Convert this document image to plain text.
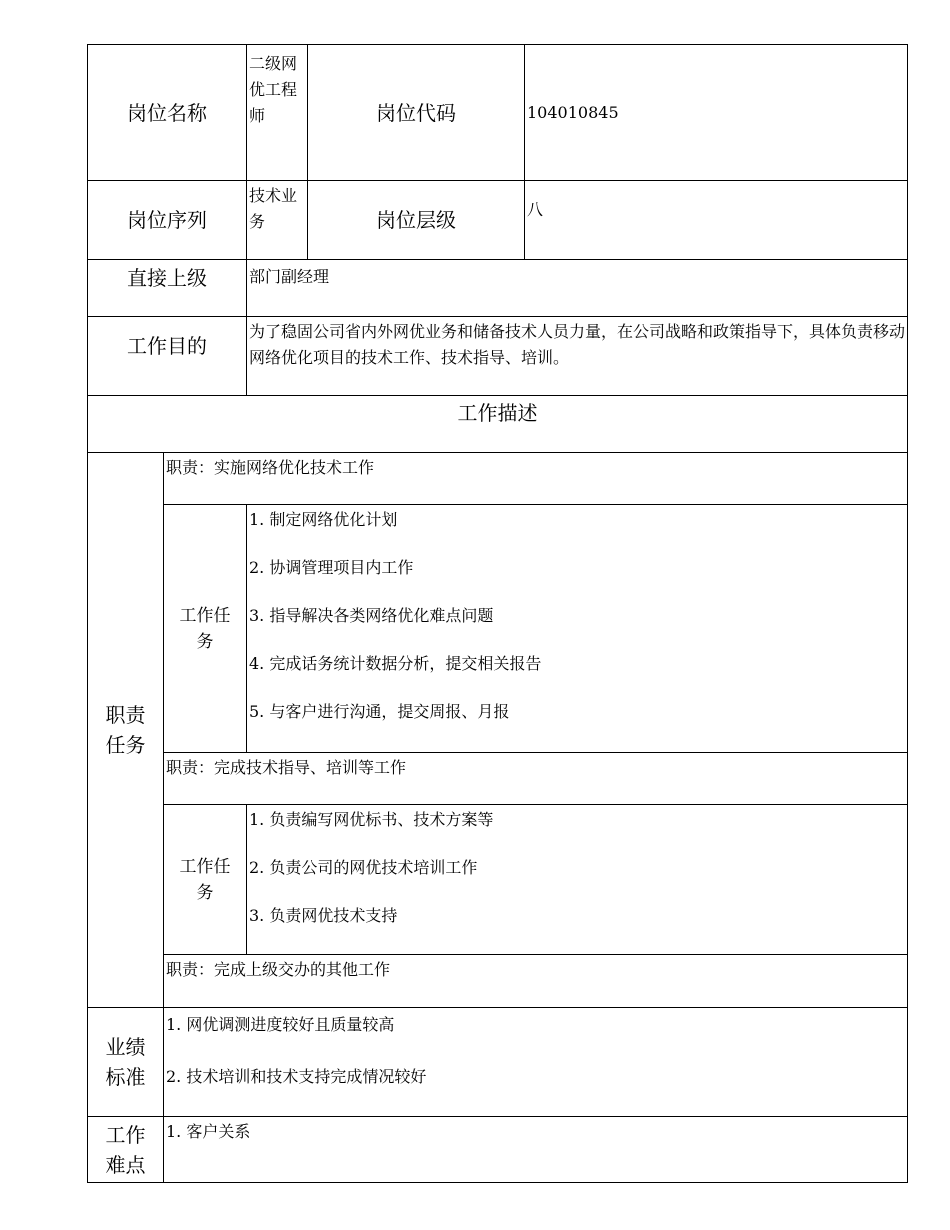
岗位名称		二级网优工程师	岗位代码	104010845
岗位序列		技术业务	岗位层级	八
直接上级		部门副经理		
工作目的		为了稳固公司省内外网优业务和储备技术人员力量，在公司战略和政策指导下，具体负责移动网络优化项目的技术工作、技术指导、培训。		
工作描述				
职责任务	职责：实施网络优化技术工作			
	工作任务	1. 制定网络优化计划
2. 协调管理项目内工作
3. 指导解决各类网络优化难点问题
4. 完成话务统计数据分析，提交相关报告
5. 与客户进行沟通，提交周报、月报		

	职责：完成技术指导、培训等工作			
	工作任务	1. 负责编写网优标书、技术方案等
2. 负责公司的网优技术培训工作
3. 负责网优技术支持		

	职责：完成上级交办的其他工作			
业绩标准	1. 网优调测进度较好且质量较高
2. 技术培训和技术支持完成情况较好			

工作难点	1. 客户关系			
